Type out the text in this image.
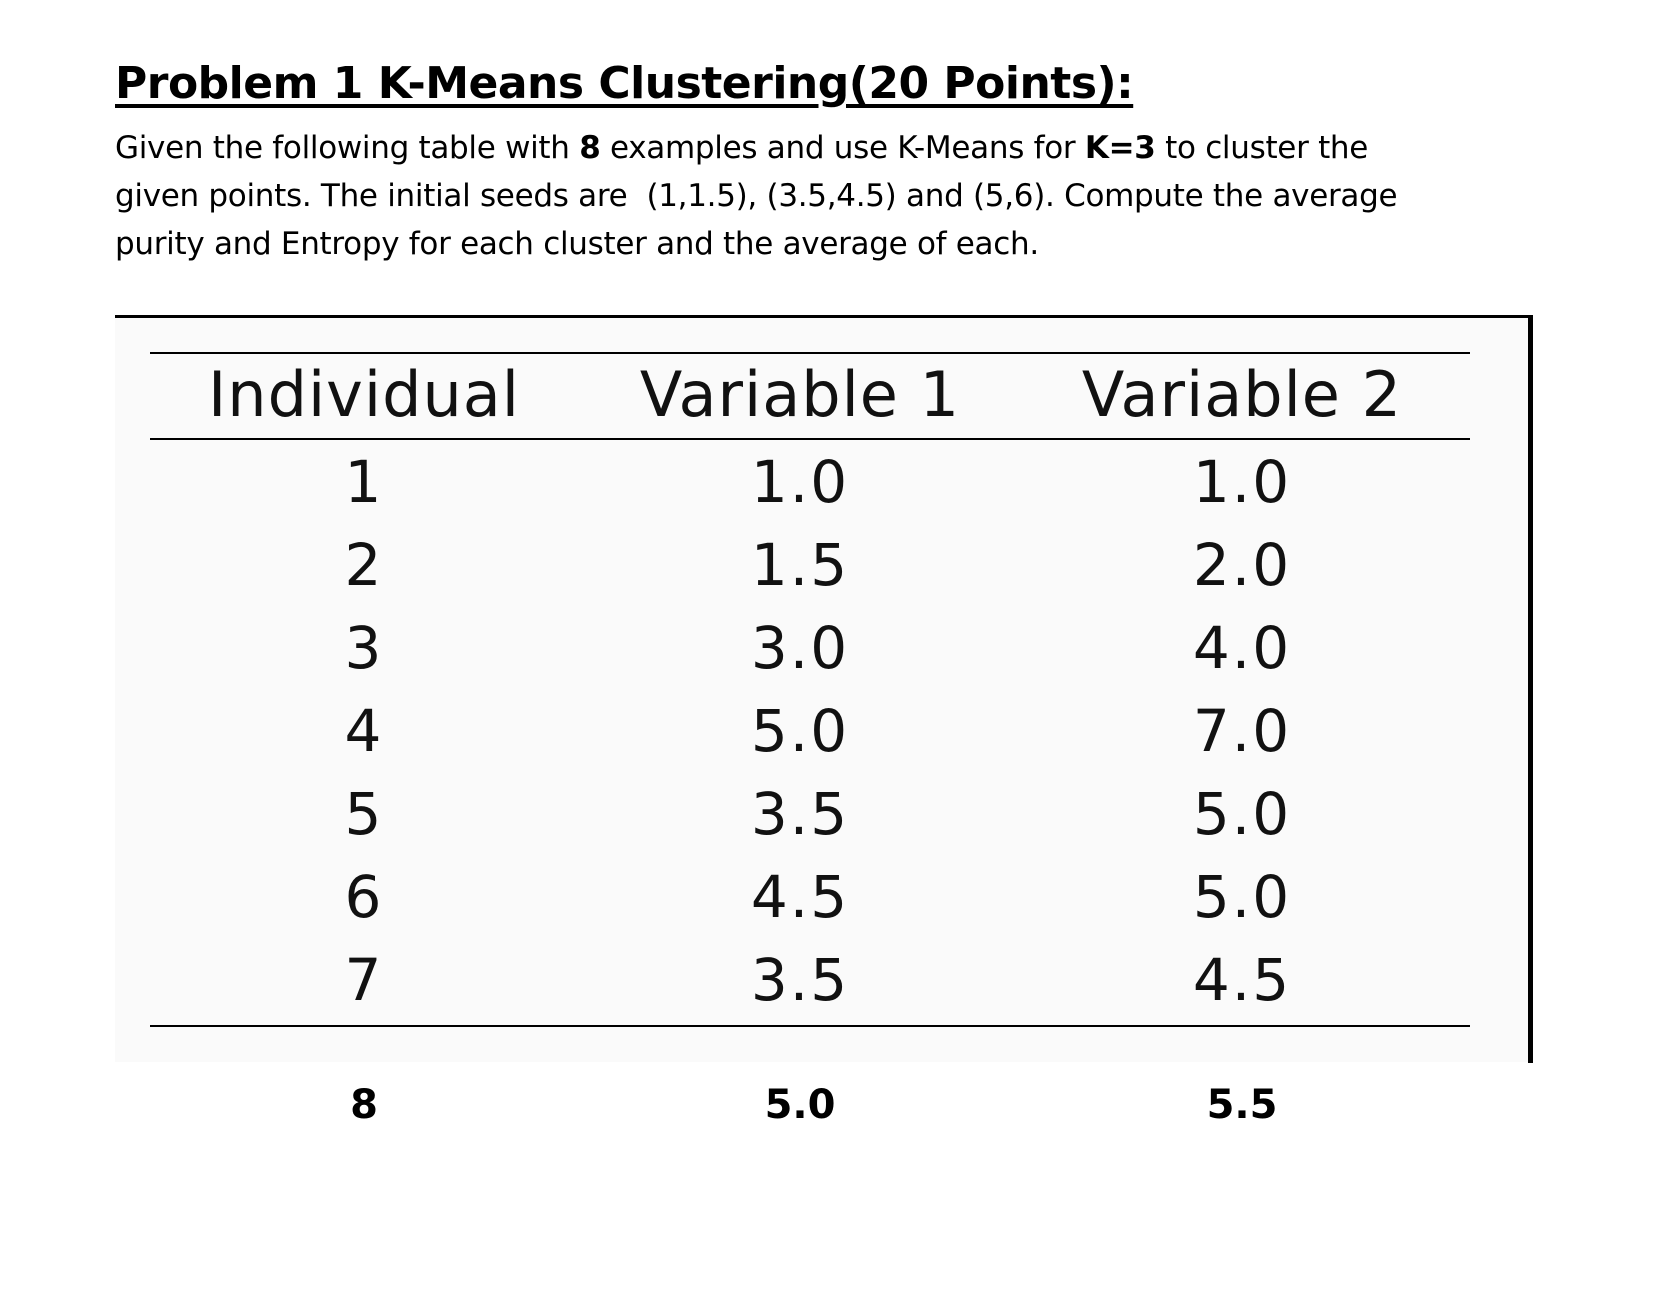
Problem 1 K-Means Clustering(20 Points):

Given the following table with 8 examples and use K-Means for K=3 to cluster the
given points. The initial seeds are  (1,1.5), (3.5,4.5) and (5,6). Compute the average
purity and Entropy for each cluster and the average of each.

Individual Variable 1 Variable 2
1	1.0	1.0
2	1.5	2.0
3	3.0	4.0
4	5.0	7.0
5	3.5	5.0
6	4.5	5.0
7	3.5	4.5
8	5.0	5.5
